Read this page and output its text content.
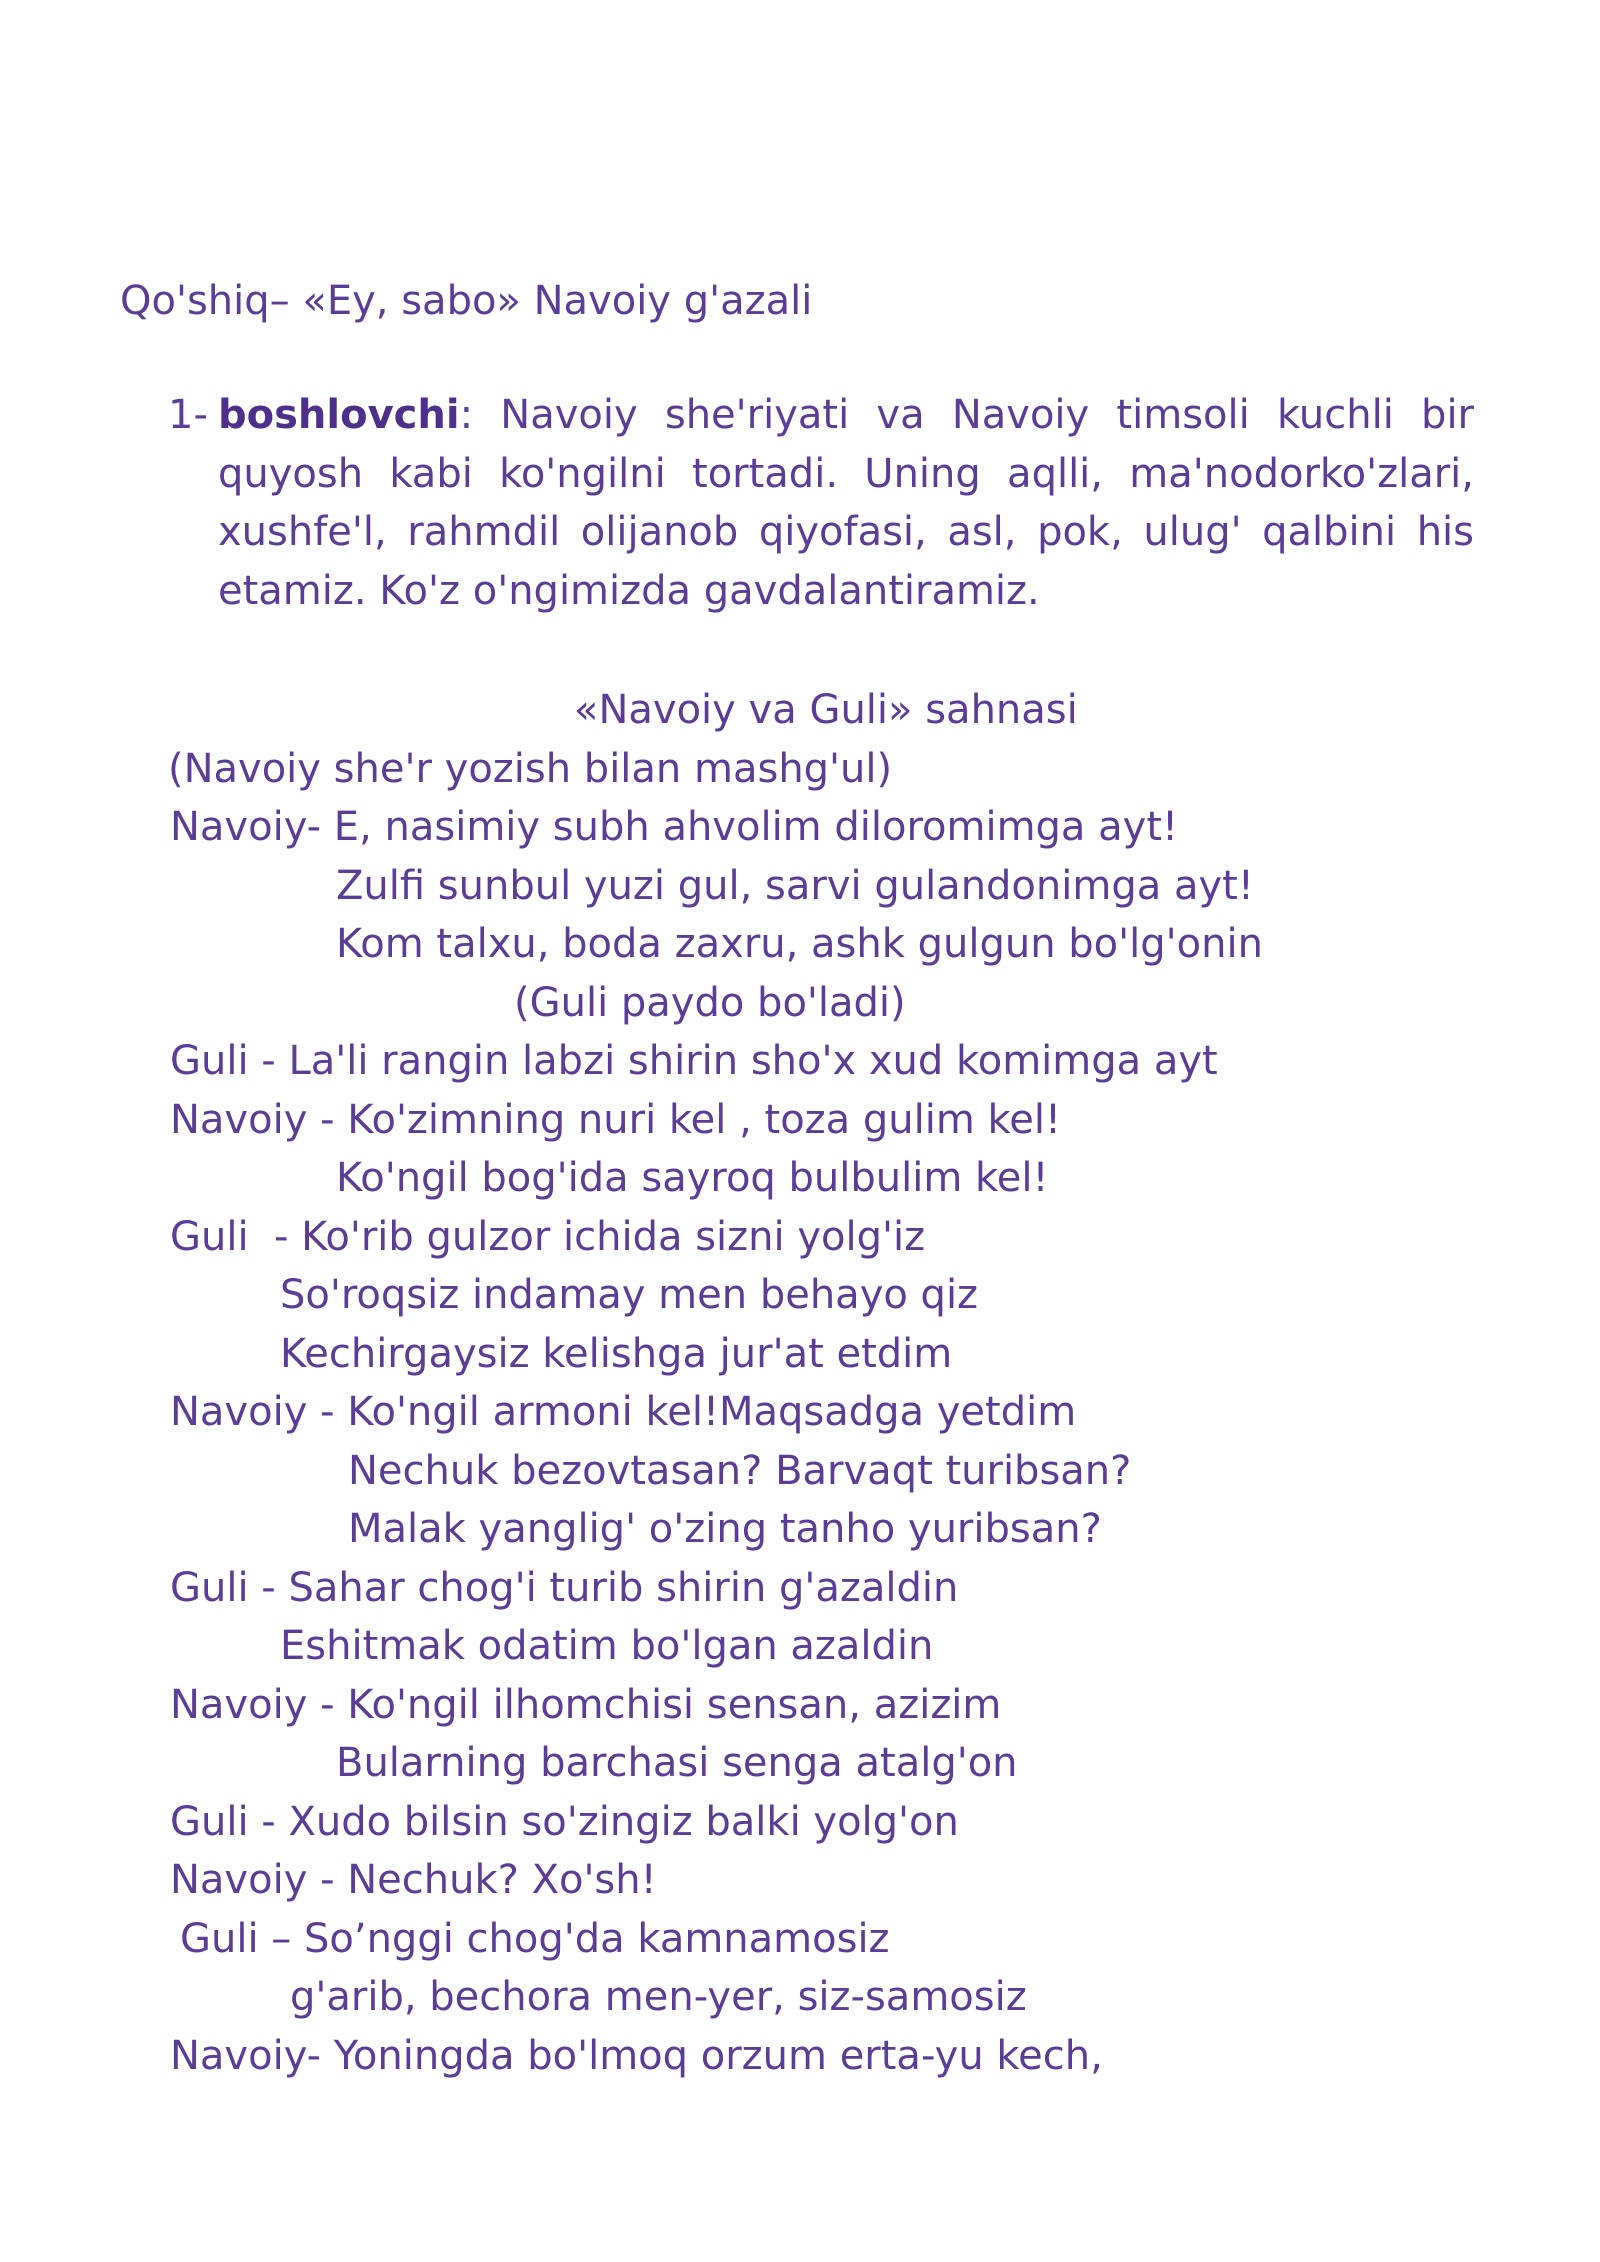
Qo'shiq– «Ey, sabo» Navoiy g'azali
1- boshlovchi: Navoiy she'riyati va Navoiy timsoli kuchli bir quyosh kabi ko'ngilni tortadi. Uning aqlli, ma'nodorko'zlari, xushfe'l, rahmdil olijanob qiyofasi, asl, pok, ulug' qalbini his etamiz. Ko'z o'ngimizda gavdalantiramiz.
«Navoiy va Guli» sahnasi
(Navoiy she'r yozish bilan mashg'ul)
Navoiy- E, nasimiy subh ahvolim diloromimga ayt!
Zulfi sunbul yuzi gul, sarvi gulandonimga ayt!
Kom talxu, boda zaxru, ashk gulgun bo'lg'onin
(Guli paydo bo'ladi)
Guli - La'li rangin labzi shirin sho'x xud komimga ayt
Navoiy - Ko'zimning nuri kel , toza gulim kel!
Ko'ngil bog'ida sayroq bulbulim kel!
Guli  - Ko'rib gulzor ichida sizni yolg'iz
So'roqsiz indamay men behayo qiz
Kechirgaysiz kelishga jur'at etdim
Navoiy - Ko'ngil armoni kel!Maqsadga yetdim
Nechuk bezovtasan? Barvaqt turibsan?
Malak yanglig' o'zing tanho yuribsan?
Guli - Sahar chog'i turib shirin g'azaldin
Eshitmak odatim bo'lgan azaldin
Navoiy - Ko'ngil ilhomchisi sensan, azizim
Bularning barchasi senga atalg'on
Guli - Xudo bilsin so'zingiz balki yolg'on
Navoiy - Nechuk? Xo'sh!
Guli – So’nggi chog'da kamnamosiz
g'arib, bechora men-yer, siz-samosiz
Navoiy- Yoningda bo'lmoq orzum erta-yu kech,
